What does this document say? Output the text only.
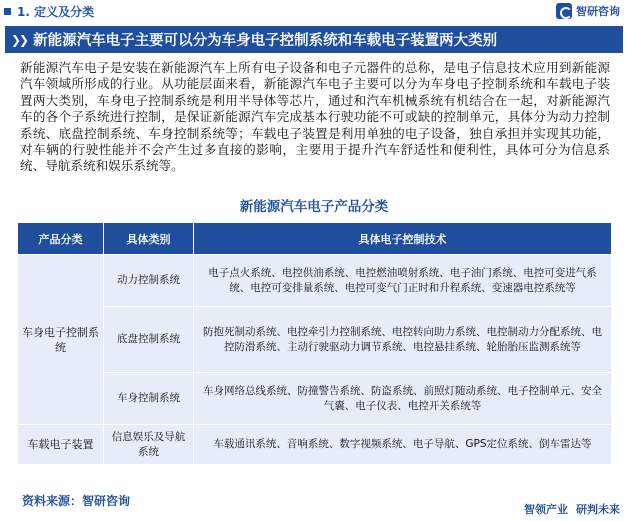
1. 定义及分类	智研咨询
❯❯ 新能源汽车电子主要可以分为车身电子控制系统和车载电子装置两大类别

新能源汽车电子是安装在新能源汽车上所有电子设备和电子元器件的总称，是电子信息技术应用到新能源汽车领域所形成的行业。从功能层面来看，新能源汽车电子主要可以分为车身电子控制系统和车载电子装置两大类别，车身电子控制系统是利用半导体等芯片，通过和汽车机械系统有机结合在一起，对新能源汽车的各个子系统进行控制，是保证新能源汽车完成基本行驶功能不可或缺的控制单元，具体分为动力控制系统、底盘控制系统、车身控制系统等；车载电子装置是利用单独的电子设备，独自承担并实现其功能，对车辆的行驶性能并不会产生过多直接的影响，主要用于提升汽车舒适性和便利性，具体可分为信息系统、导航系统和娱乐系统等。

新能源汽车电子产品分类
产品分类	具体类别	具体电子控制技术
车身电子控制系统	动力控制系统	电子点火系统、电控供油系统、电控燃油喷射系统、电子油门系统、电控可变进气系统、电控可变排量系统、电控可变气门正时和升程系统、变速器电控系统等
	底盘控制系统	防抱死制动系统、电控牵引力控制系统、电控转向助力系统、电控制动力分配系统、电控防滑系统、主动行驶驱动力调节系统、电控悬挂系统、轮胎胎压监测系统等
	车身控制系统	车身网络总线系统、防撞警告系统、防盗系统、前照灯随动系统、电子控制单元、安全气囊、电子仪表、电控开关系统等
车载电子装置	信息娱乐及导航系统	车载通讯系统、音响系统、数字视频系统、电子导航、GPS定位系统、倒车雷达等
资料来源：智研咨询
智领产业 研判未来
